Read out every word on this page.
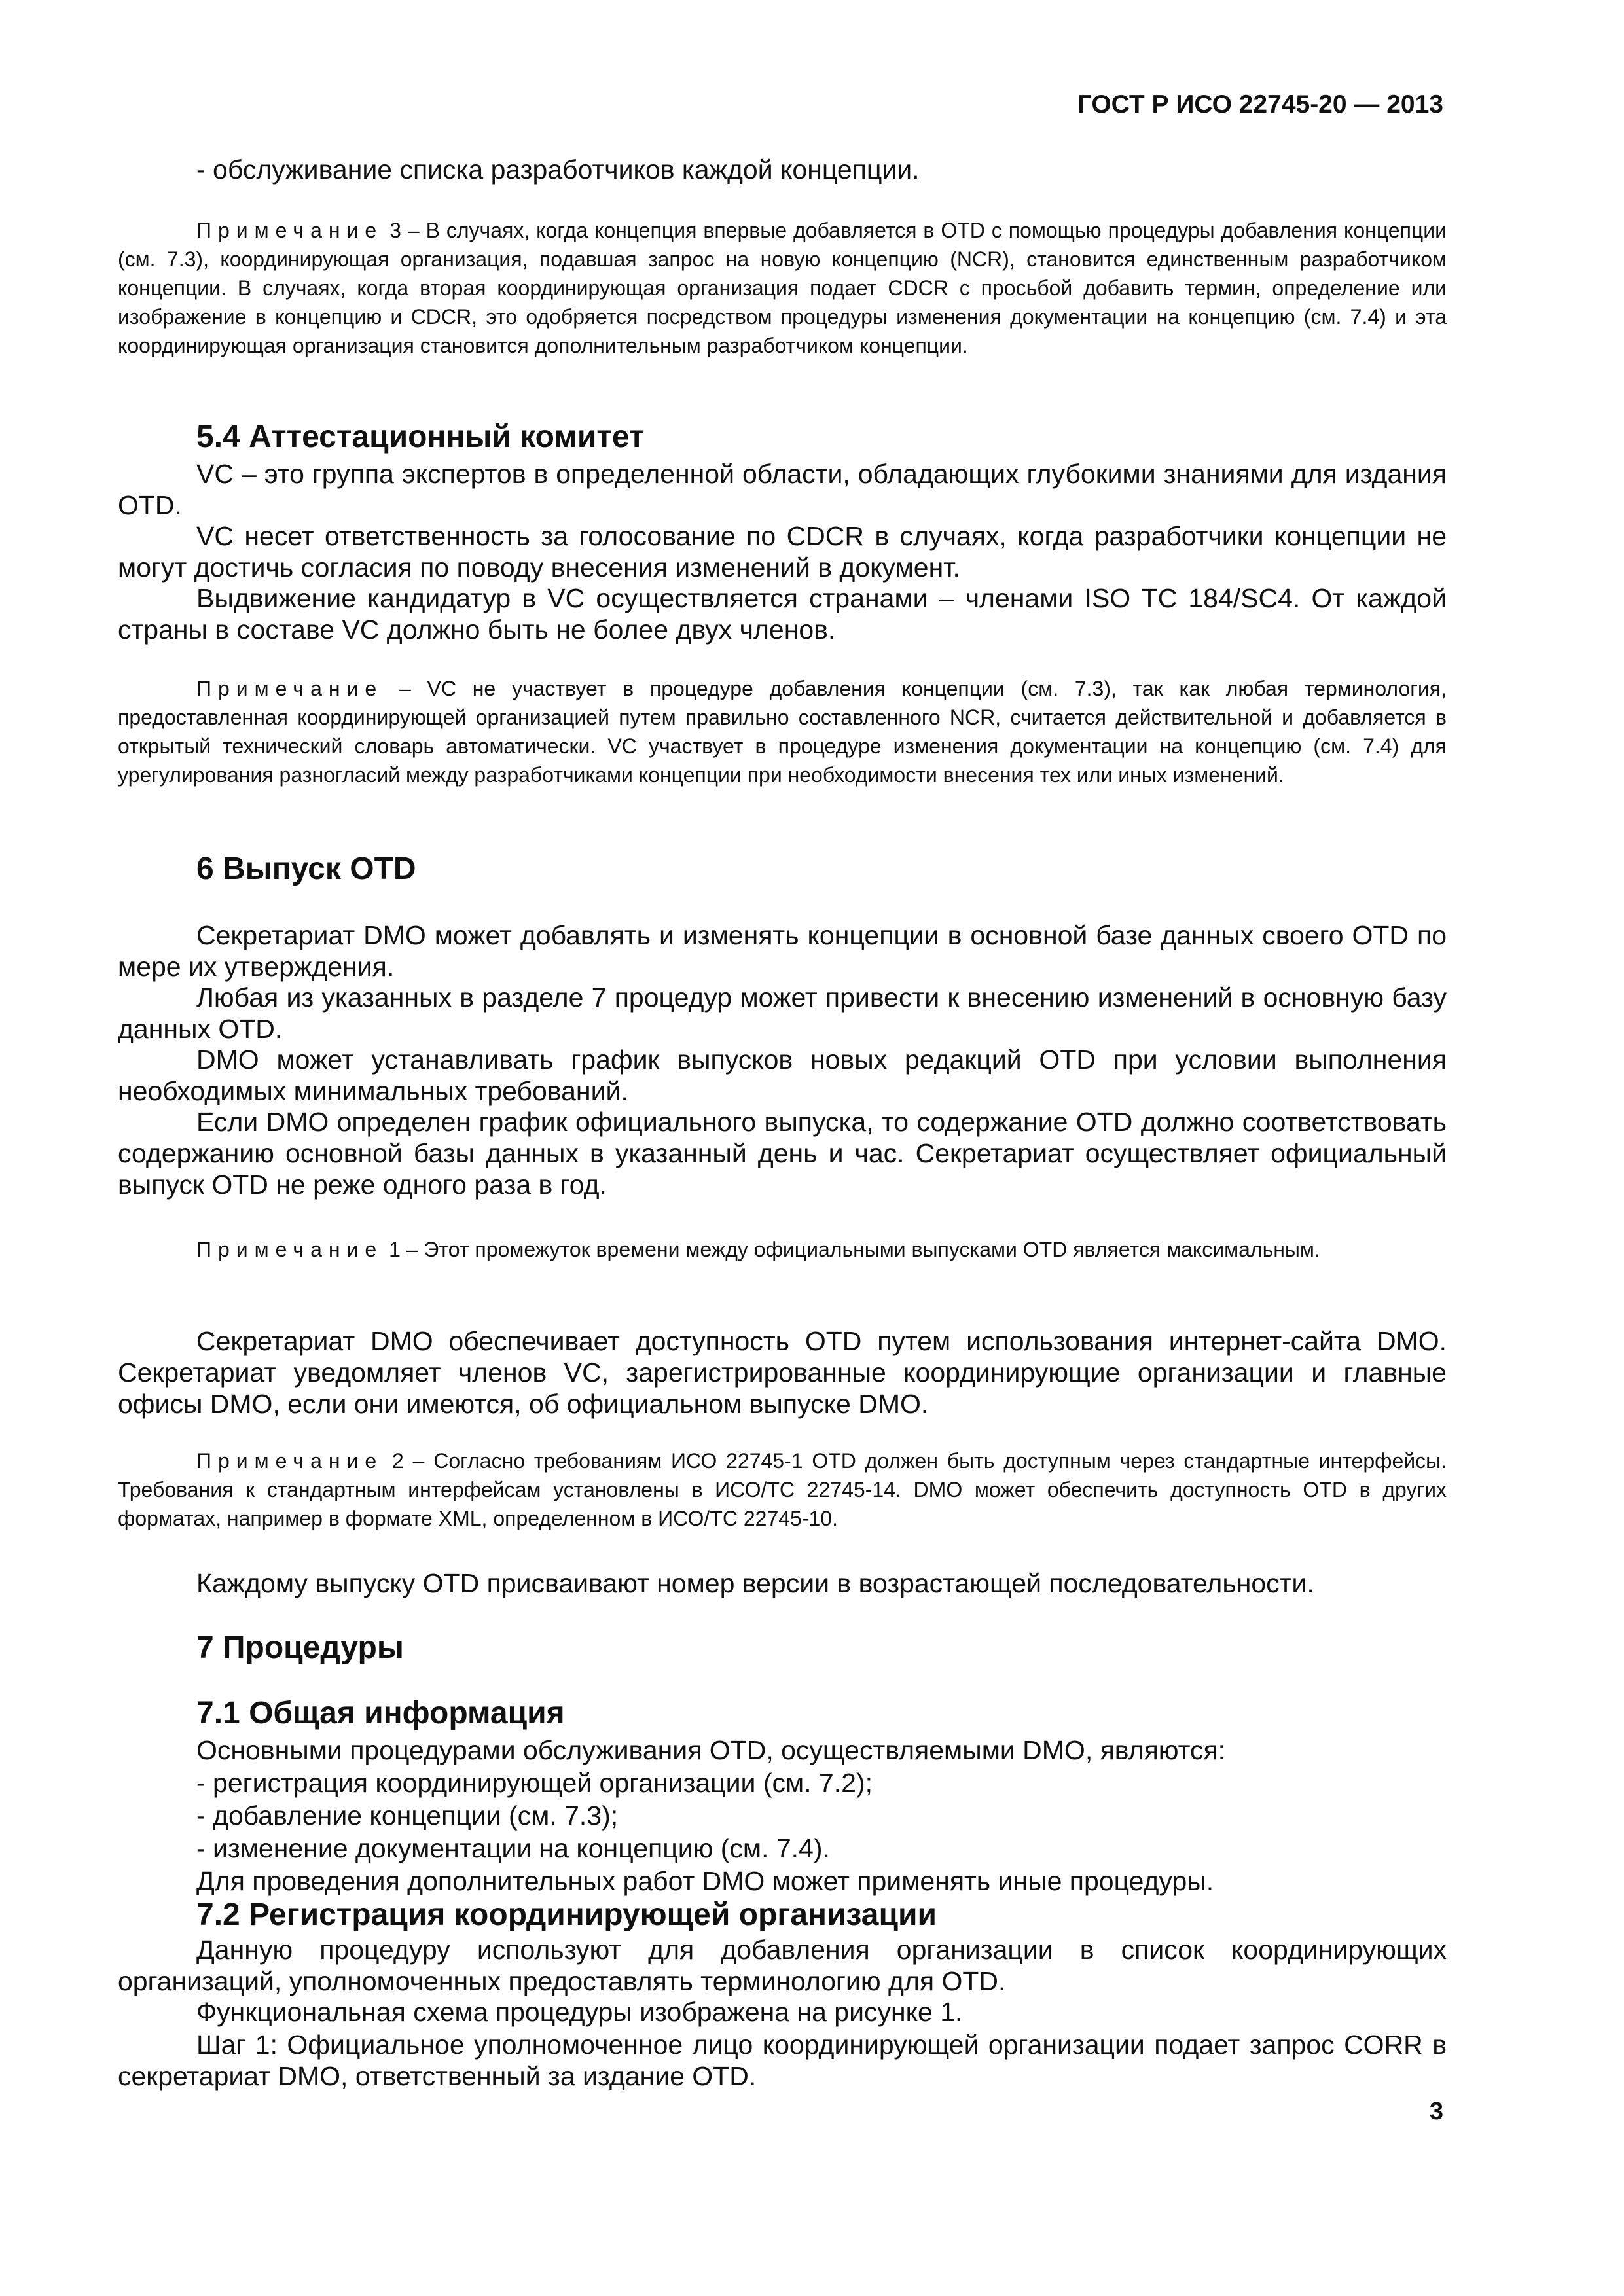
ГОСТ Р ИСО 22745-20 — 2013

- обслуживание списка разработчиков каждой концепции.

Примечание 3 – В случаях, когда концепция впервые добавляется в OTD с помощью процедуры добавления концепции (см. 7.3), координирующая организация, подавшая запрос на новую концепцию (NCR), становится единственным разработчиком концепции. В случаях, когда вторая координирующая организация подает CDCR с просьбой добавить термин, определение или изображение в концепцию и CDCR, это одобряется посредством процедуры изменения документации на концепцию (см. 7.4) и эта координирующая организация становится дополнительным разработчиком концепции.

5.4 Аттестационный комитет

VC – это группа экспертов в определенной области, обладающих глубокими знаниями для издания OTD.

VC несет ответственность за голосование по CDCR в случаях, когда разработчики концепции не могут достичь согласия по поводу внесения изменений в документ.

Выдвижение кандидатур в VC осуществляется странами – членами ISO TC 184/SC4. От каждой страны в составе VC должно быть не более двух членов.

Примечание – VC не участвует в процедуре добавления концепции (см. 7.3), так как любая терминология, предоставленная координирующей организацией путем правильно составленного NCR, считается действительной и добавляется в открытый технический словарь автоматически. VC участвует в процедуре изменения документации на концепцию (см. 7.4) для урегулирования разногласий между разработчиками концепции при необходимости внесения тех или иных изменений.

6 Выпуск OTD

Секретариат DMO может добавлять и изменять концепции в основной базе данных своего OTD по мере их утверждения.

Любая из указанных в разделе 7 процедур может привести к внесению изменений в основную базу данных OTD.

DMO может устанавливать график выпусков новых редакций OTD при условии выполнения необходимых минимальных требований.

Если DMO определен график официального выпуска, то содержание OTD должно соответствовать содержанию основной базы данных в указанный день и час. Секретариат осуществляет официальный выпуск OTD не реже одного раза в год.

Примечание 1 – Этот промежуток времени между официальными выпусками OTD является максимальным.

Секретариат DMO обеспечивает доступность OTD путем использования интернет-сайта DMO. Секретариат уведомляет членов VC, зарегистрированные координирующие организации и главные офисы DMO, если они имеются, об официальном выпуске DMO.

Примечание 2 – Согласно требованиям ИСО 22745-1 OTD должен быть доступным через стандартные интерфейсы. Требования к стандартным интерфейсам установлены в ИСО/ТС 22745-14. DMO может обеспечить доступность OTD в других форматах, например в формате XML, определенном в ИСО/ТС 22745-10.

Каждому выпуску OTD присваивают номер версии в возрастающей последовательности.

7 Процедуры
7.1 Общая информация

Основными процедурами обслуживания OTD, осуществляемыми DMO, являются:

- регистрация координирующей организации (см. 7.2);

- добавление концепции (см. 7.3);

- изменение документации на концепцию (см. 7.4).

Для проведения дополнительных работ DMO может применять иные процедуры.

7.2 Регистрация координирующей организации

Данную процедуру используют для добавления организации в список координирующих организаций, уполномоченных предоставлять терминологию для OTD.

Функциональная схема процедуры изображена на рисунке 1.

Шаг 1: Официальное уполномоченное лицо координирующей организации подает запрос CORR в секретариат DMO, ответственный за издание OTD.

3
